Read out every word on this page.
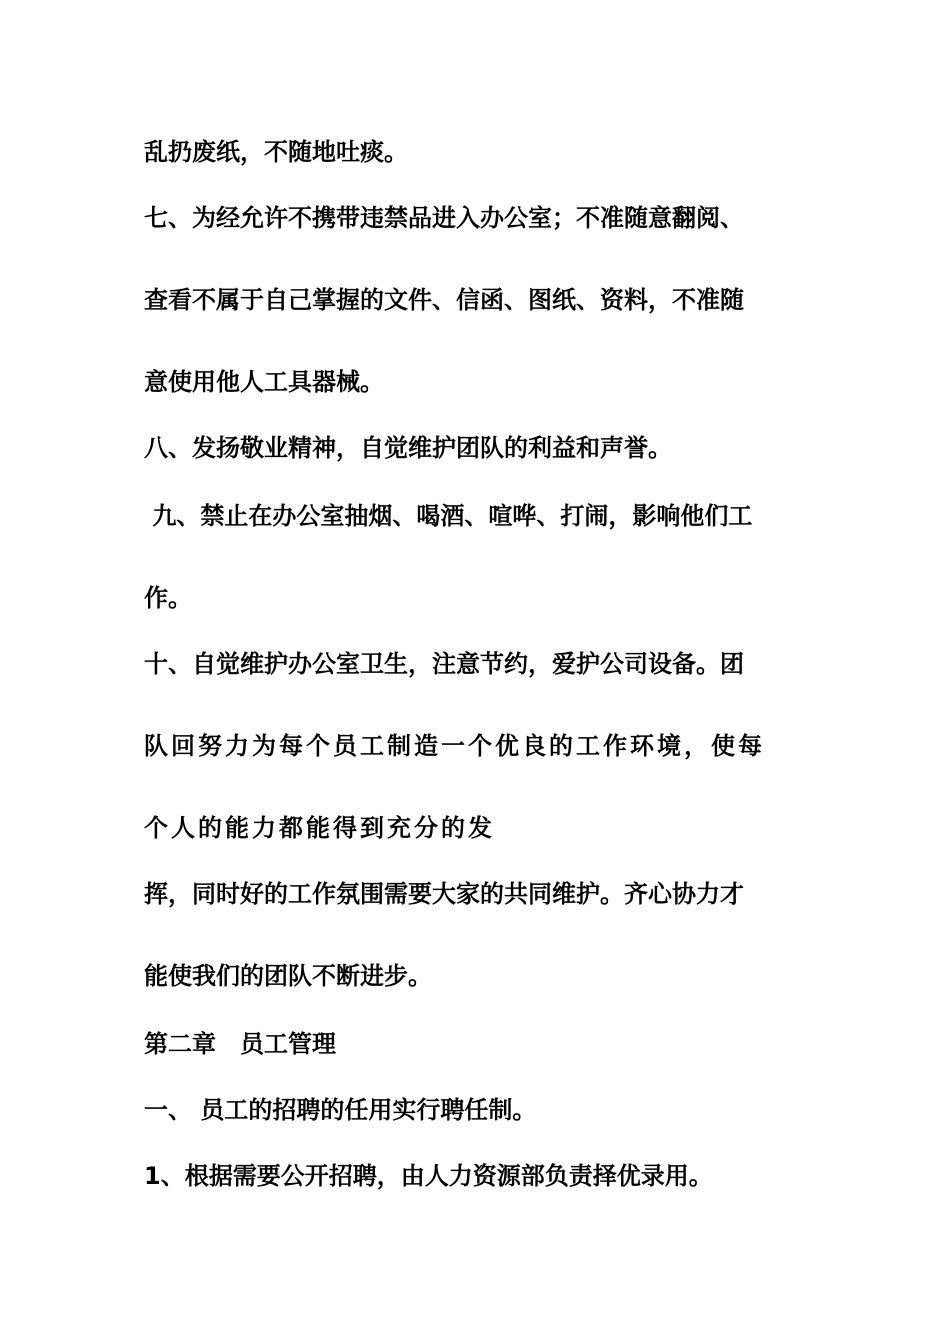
乱扔废纸，不随地吐痰。

七、为经允许不携带违禁品进入办公室；不准随意翻阅、

查看不属于自己掌握的文件、信函、图纸、资料，不准随

意使用他人工具器械。

八、发扬敬业精神，自觉维护团队的利益和声誉。

九、禁止在办公室抽烟、喝酒、喧哗、打闹，影响他们工

作。

十、自觉维护办公室卫生，注意节约，爱护公司设备。团

队回努力为每个员工制造一个优良的工作环境，使每

个人的能力都能得到充分的发

挥，同时好的工作氛围需要大家的共同维护。齐心协力才

能使我们的团队不断进步。

第二章　员工管理

一、 员工的招聘的任用实行聘任制。

1、根据需要公开招聘，由人力资源部负责择优录用。
